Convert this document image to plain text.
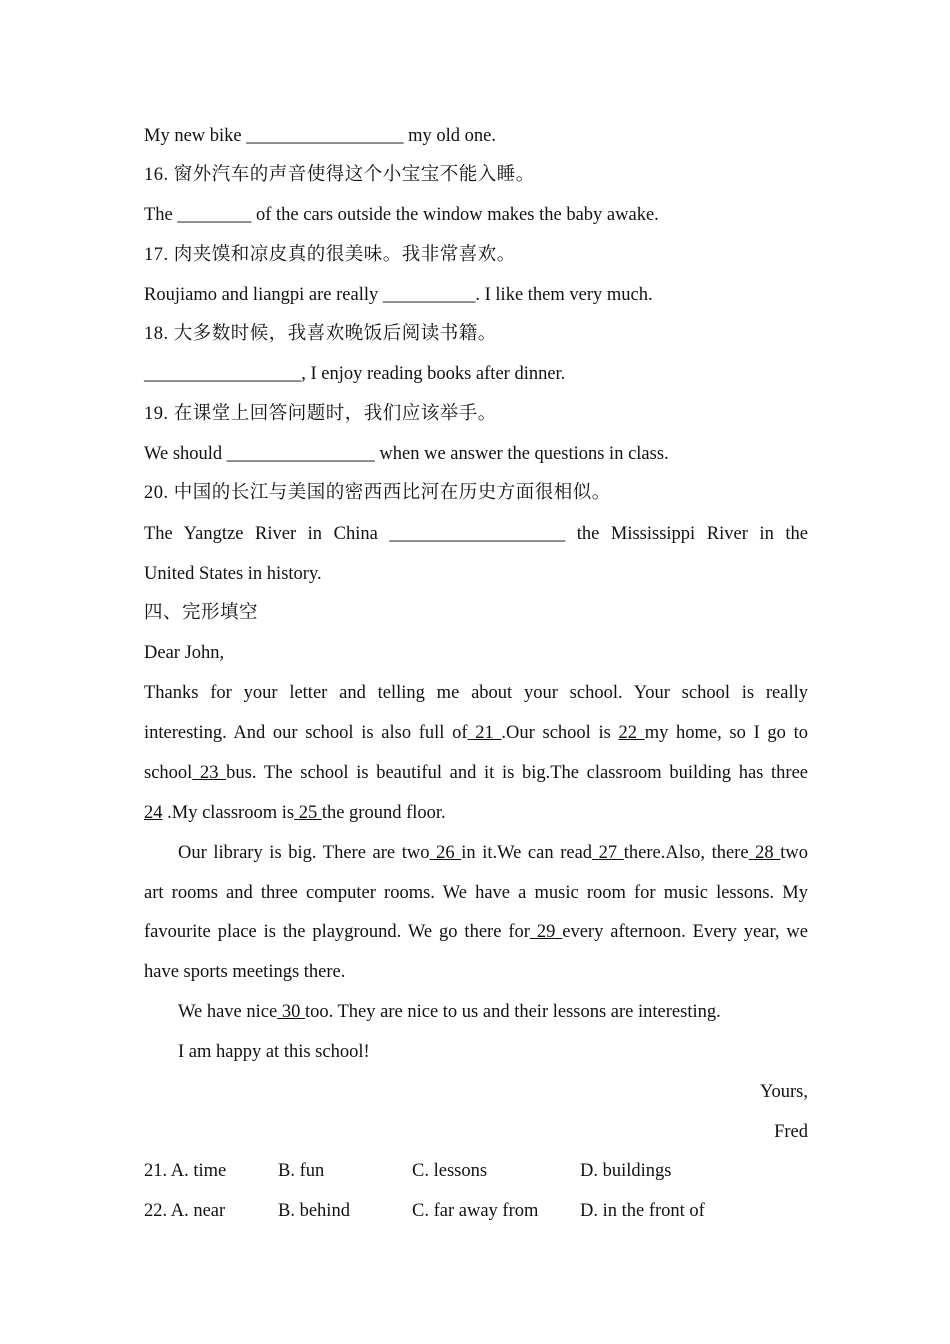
My new bike _________________ my old one.
16. 窗外汽车的声音使得这个小宝宝不能入睡。
The ________ of the cars outside the window makes the baby awake.
17. 肉夹馍和凉皮真的很美味。我非常喜欢。
Roujiamo and liangpi are really __________. I like them very much.
18. 大多数时候，我喜欢晚饭后阅读书籍。
_________________, I enjoy reading books after dinner.
19. 在课堂上回答问题时，我们应该举手。
We should ________________ when we answer the questions in class.
20. 中国的长江与美国的密西西比河在历史方面很相似。
The Yangtze River in China ___________________ the Mississippi River in the
United States in history.
四、完形填空
Dear John,
Thanks for your letter and telling me about your school. Your school is really
interesting. And our school is also full of 21 .Our school is 22 my home, so I go to
school 23 bus. The school is beautiful and it is big.The classroom building has three
24 .My classroom is 25 the ground floor.
Our library is big. There are two 26 in it.We can read 27 there.Also, there 28 two
art rooms and three computer rooms. We have a music room for music lessons. My
favourite place is the playground. We go there for 29 every afternoon. Every year, we
have sports meetings there.
We have nice 30 too. They are nice to us and their lessons are interesting.
I am happy at this school!
Yours,
Fred
21. A. time	B. fun	C. lessons	D. buildings
22. A. near	B. behind	C. far away from D. in the front of
